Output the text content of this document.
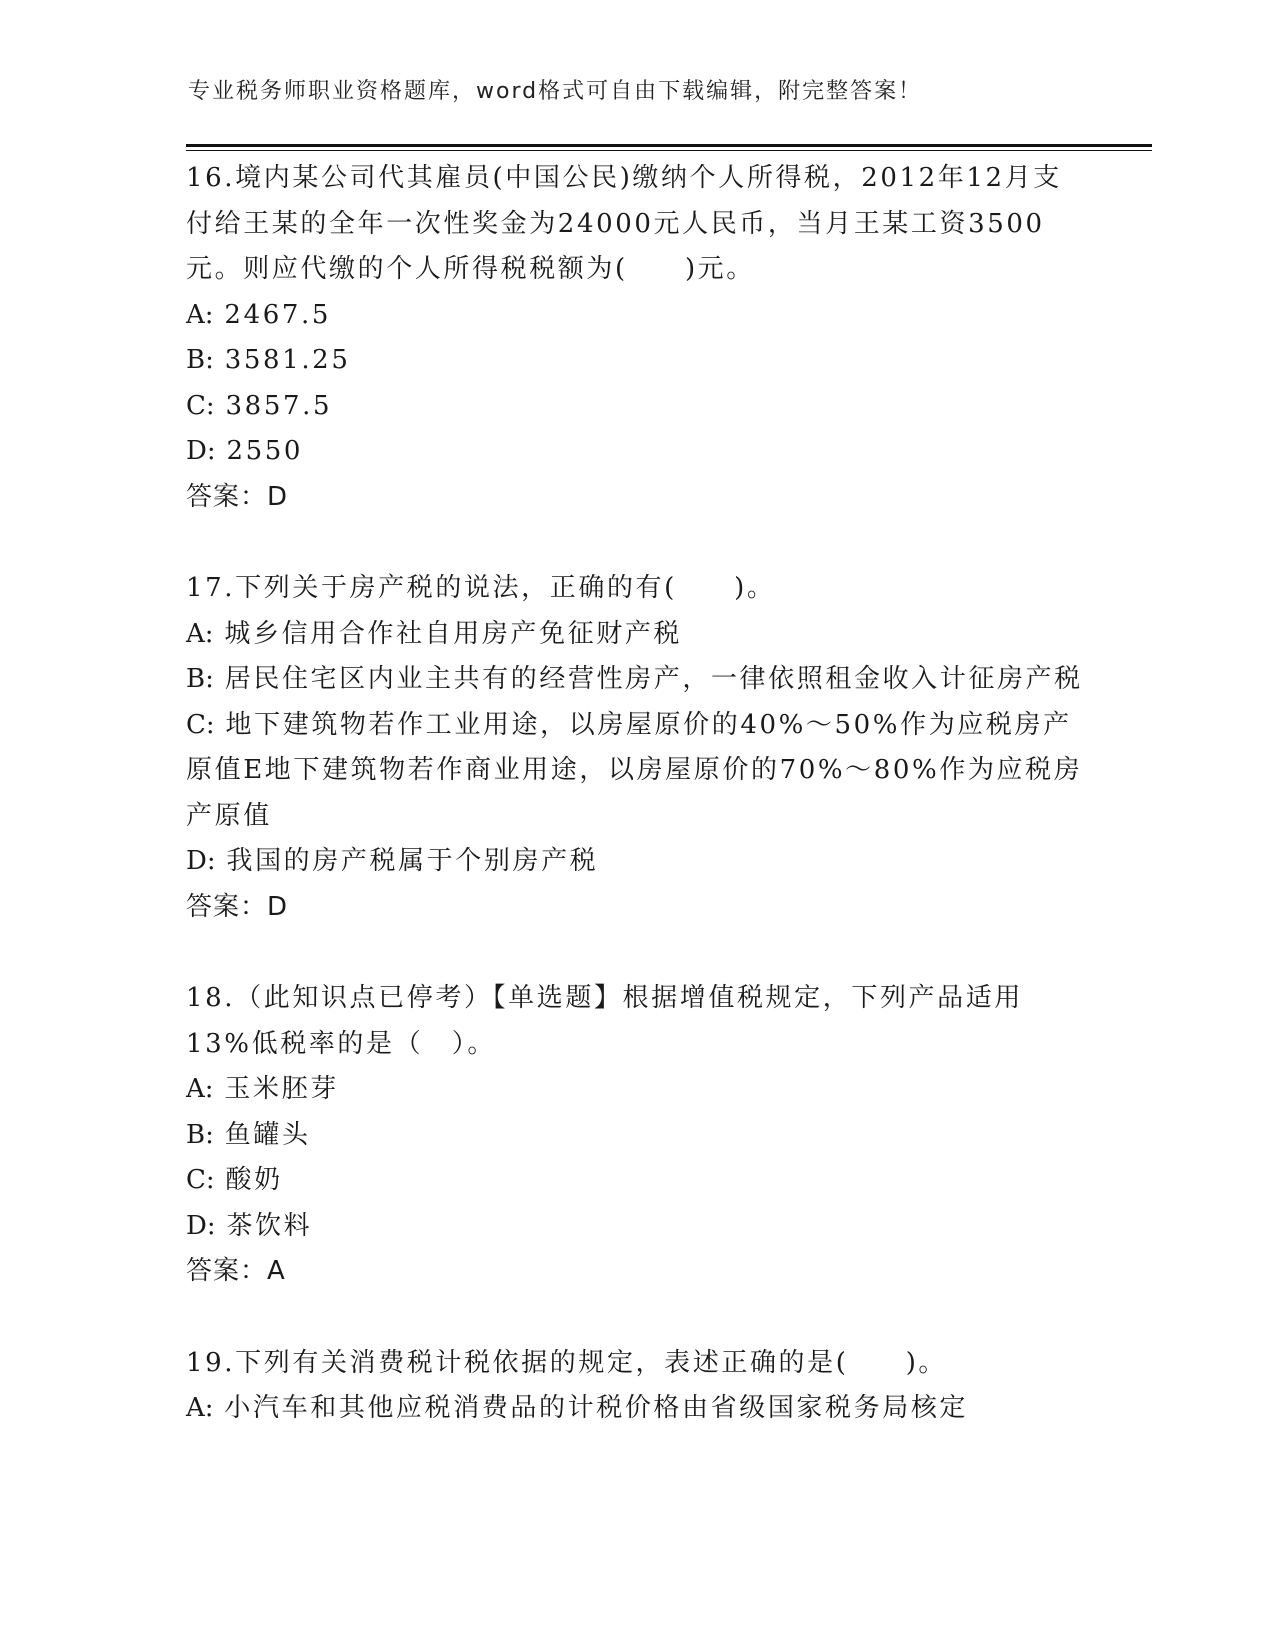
专业税务师职业资格题库，word格式可自由下载编辑，附完整答案！

16.境内某公司代其雇员(中国公民)缴纳个人所得税，2012年12月支付给王某的全年一次性奖金为24000元人民币，当月王某工资3500元。则应代缴的个人所得税税额为(　　)元。

A: 2467.5

B: 3581.25

C: 3857.5

D: 2550

答案：D

17.下列关于房产税的说法，正确的有(　　)。

A: 城乡信用合作社自用房产免征财产税

B: 居民住宅区内业主共有的经营性房产，一律依照租金收入计征房产税

C: 地下建筑物若作工业用途，以房屋原价的40%～50%作为应税房产原值E地下建筑物若作商业用途，以房屋原价的70%～80%作为应税房产原值

D: 我国的房产税属于个别房产税

答案：D

18.（此知识点已停考）【单选题】根据增值税规定，下列产品适用13%低税率的是（　）。

A: 玉米胚芽

B: 鱼罐头

C: 酸奶

D: 茶饮料

答案：A

19.下列有关消费税计税依据的规定，表述正确的是(　　)。

A: 小汽车和其他应税消费品的计税价格由省级国家税务局核定
